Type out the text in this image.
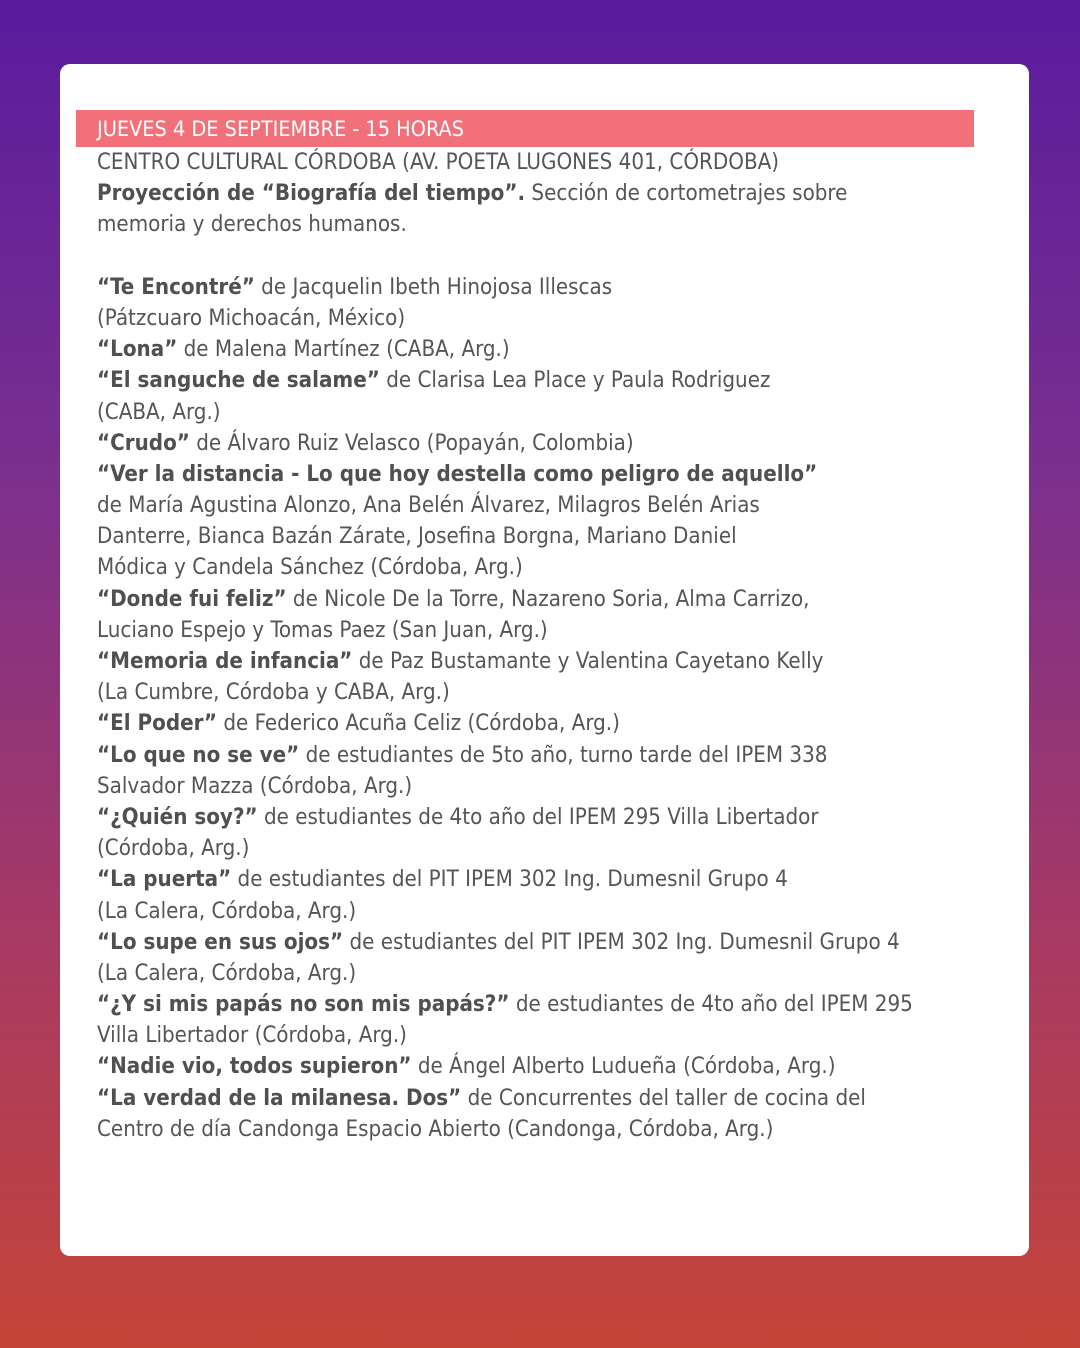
JUEVES 4 DE SEPTIEMBRE - 15 HORAS
CENTRO CULTURAL CÓRDOBA (AV. POETA LUGONES 401, CÓRDOBA)
Proyección de “Biografía del tiempo”. Sección de cortometrajes sobre
memoria y derechos humanos.
“Te Encontré” de Jacquelin Ibeth Hinojosa Illescas
(Pátzcuaro Michoacán, México)
“Lona” de Malena Martínez (CABA, Arg.)
“El sanguche de salame” de Clarisa Lea Place y Paula Rodriguez
(CABA, Arg.)
“Crudo” de Álvaro Ruiz Velasco (Popayán, Colombia)
“Ver la distancia - Lo que hoy destella como peligro de aquello”
de María Agustina Alonzo, Ana Belén Álvarez, Milagros Belén Arias
Danterre, Bianca Bazán Zárate, Josefina Borgna, Mariano Daniel
Módica y Candela Sánchez (Córdoba, Arg.)
“Donde fui feliz” de Nicole De la Torre, Nazareno Soria, Alma Carrizo,
Luciano Espejo y Tomas Paez (San Juan, Arg.)
“Memoria de infancia” de Paz Bustamante y Valentina Cayetano Kelly
(La Cumbre, Córdoba y CABA, Arg.)
“El Poder” de Federico Acuña Celiz (Córdoba, Arg.)
“Lo que no se ve” de estudiantes de 5to año, turno tarde del IPEM 338
Salvador Mazza (Córdoba, Arg.)
“¿Quién soy?” de estudiantes de 4to año del IPEM 295 Villa Libertador
(Córdoba, Arg.)
“La puerta” de estudiantes del PIT IPEM 302 Ing. Dumesnil Grupo 4
(La Calera, Córdoba, Arg.)
“Lo supe en sus ojos” de estudiantes del PIT IPEM 302 Ing. Dumesnil Grupo 4
(La Calera, Córdoba, Arg.)
“¿Y si mis papás no son mis papás?” de estudiantes de 4to año del IPEM 295
Villa Libertador (Córdoba, Arg.)
“Nadie vio, todos supieron” de Ángel Alberto Ludueña (Córdoba, Arg.)
“La verdad de la milanesa. Dos” de Concurrentes del taller de cocina del
Centro de día Candonga Espacio Abierto (Candonga, Córdoba, Arg.)
